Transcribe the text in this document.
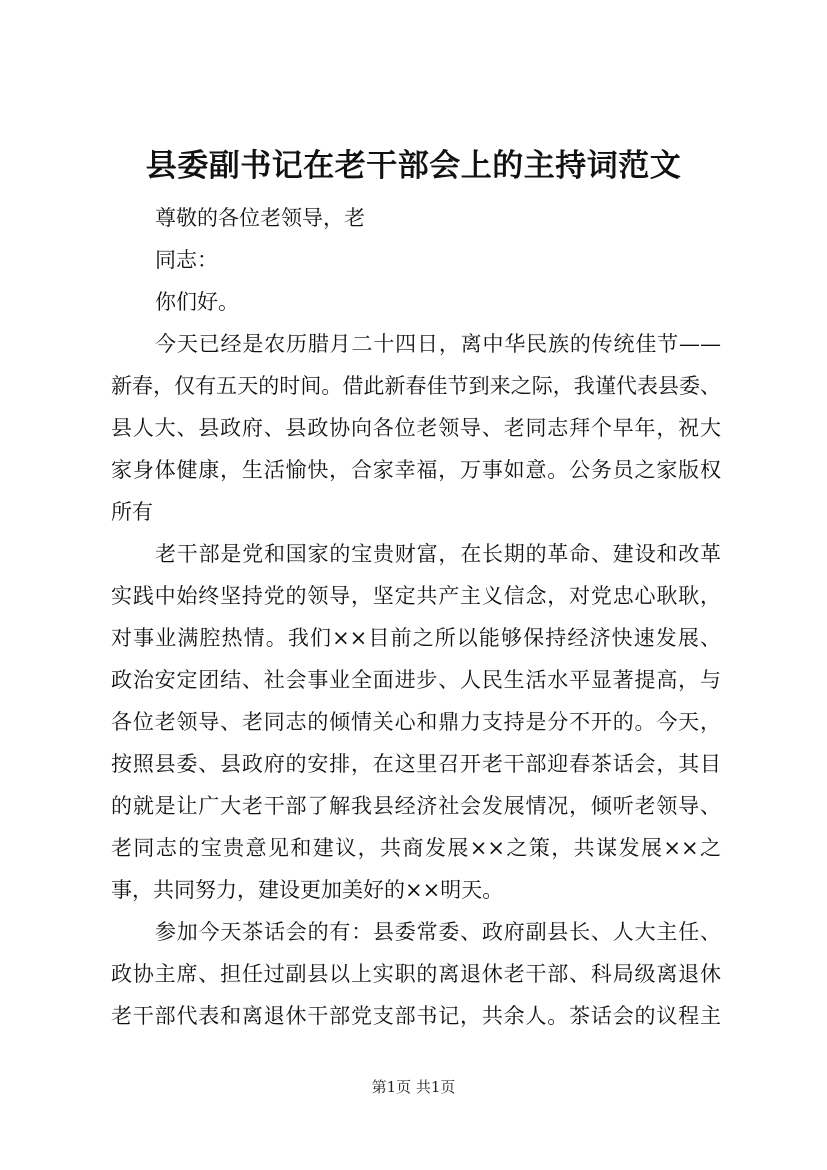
县委副书记在老干部会上的主持词范文
尊敬的各位老领导，老
同志：
你们好。
今天已经是农历腊月二十四日，离中华民族的传统佳节——
新春，仅有五天的时间。借此新春佳节到来之际，我谨代表县委、
县人大、县政府、县政协向各位老领导、老同志拜个早年，祝大
家身体健康，生活愉快，合家幸福，万事如意。公务员之家版权
所有
老干部是党和国家的宝贵财富，在长期的革命、建设和改革
实践中始终坚持党的领导，坚定共产主义信念，对党忠心耿耿，
对事业满腔热情。我们××目前之所以能够保持经济快速发展、
政治安定团结、社会事业全面进步、人民生活水平显著提高，与
各位老领导、老同志的倾情关心和鼎力支持是分不开的。今天，
按照县委、县政府的安排，在这里召开老干部迎春茶话会，其目
的就是让广大老干部了解我县经济社会发展情况，倾听老领导、
老同志的宝贵意见和建议，共商发展××之策，共谋发展××之
事，共同努力，建设更加美好的××明天。
参加今天茶话会的有：县委常委、政府副县长、人大主任、
政协主席、担任过副县以上实职的离退休老干部、科局级离退休
老干部代表和离退休干部党支部书记，共余人。茶话会的议程主
第1页 共1页
